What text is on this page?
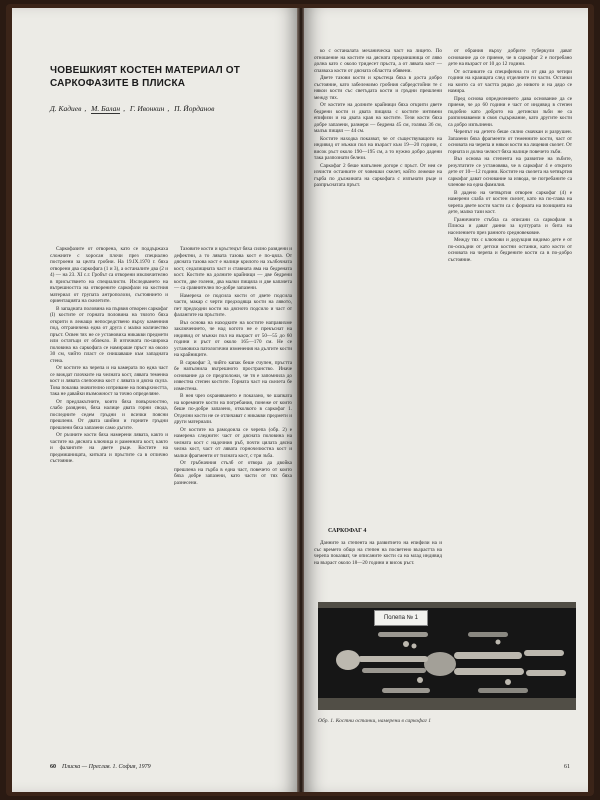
ЧОВЕШКИЯТ КОСТЕН МАТЕРИАЛ ОТ САРКОФАЗИТЕ В ПЛИСКА
Д. Кадиев , М. Балан , Г. Ивонкин , П. Йорданов

Саркофазите от отворена, като се поддържаха сложните с хоросан плочи през специално построени за целта гробни. На 19.IX.1970 г. бяха отворени два саркофага (1 и 3), а останалите два (2 и 4) — на 23. XI с.г. Гробът са отворени изключително в присъствието на специалисти. Изследването на вътрешността на отворените саркофази на костния материал от групата антрополози, състоянието и ориентацията на скелетите.

В западната половина на първия отворен саркофаг (I) костите от горната половина на тялото бяха открити в лежащо непосредствено върху каменния под, отграничена една от друга с малко количество пръст. Освен тях не се установиха никакви предмети или остатъци от облекло. В източната по-широка половина на саркофага се намираше пръст на около 30 см, чийто пласт се снишаваше към западната стена.

От костите на черепа и на камерата по една част се виждат плочките на челната кост, лявата теменна кост и лявата слепоочна кост с лявата и дясна скула. Това показва значително изтриване на повърхността, така не давайки възможност за точно определяне.

От предлакътните, които бяха повърхностно, слабо разядени, бяха налице двата горни свода, последните седем гръдни и всички поясни прешлени. От двата шийни и горните гръдни прешлени бяха запазени само дъгите.

От ръчните кости бяха намерени лявата, както и частите на дясната ключица и раменната кост, както и фалангите на двете ръце. Костите на предмишницата, китката и пръстите са в отлично състояние.

Тазовите кости и кръстецът бяха силно разядени и дефектни, а то лявата тазова кост е по-цяла. От дясната тазова кост е налице крилото на хълбочната кост, седалищната част и ставната яма на бедрената кост. Костите на долните крайници — две бедрени кости, две голени, два малки пищяла и две капачета — са сравнително по-добре запазени.

Намереха се подсила кости от двете подсила части, макар с черти предходяща кости на лявото, пет предходни кости на дясното подсило и част от фалангите на пръстите.

Въз основа на находките на костите направихме заключението, че над когото не е прекъснат на индивид от мъжки пол на възраст от 50—55 до 60 години и ръст от около 165—170 см. Не се установиха патологични изменения на дългите кости на крайниците.

В саркофаг 3, чийто капак беше счупен, пръстта бе напълнила вътрешното пространство. Иначе основание да се предположи, че тя е запомнила до известна степен костите. Горната част на скелета бе изместена.

В нея чрез охраняването е показано, че шапката на коремните кости на погребания, понеже от които беше по-добре запазено, отколкото в саркофаг 1. Отделни кости не се отличават с никакви предмети и други материали.

От костите на рамодоила се черепа (обр. 2) е намерена следните: част от дясната половина на челната кост с надочния ръб, почти цялата дясна челна кост, част от лявата горночелюстна кост и малки фрагменти от тилната кост, с три зъба.

От гръбначния стълб от отвора да двойка прешлена на гърба в една част, повечето от които бяха добре запазени, като части от тях бяха разнесени.

60 Плиска — Преслав. 1. София, 1979

ко с останалата механическа част на лицето. По отношение на костите на дясната предмишница от ляво долна като с около тридесет пръста, а от лявата кост — спазваха кости от дясната областта обявени.

Двете тазови кости и кръстеца бяха в доста добро състояние, като забележимо гробния сабредстойни те с някои кости със светъдата кости и гръдни прешлени между тях.

От костите на долните крайници бяха открити двете бедрени кости и двата пищяла с костите интимни епифизи и на двата края на костите. Тези кости бяха добре запазени, размери — бедрена 45 см, голяма 36 см, малък пищял — 44 см.

Костите находка показват, че от съществуващото на индивид от мъжки пол на възраст към 19—20 години, с висок ръст около 190—195 см, а то нужно добро дадени така разпознати белези.

Саркофаг 2 беше напълнен догоре с пръст. От нея се изчисти останките от човешки скелет, който лежеше на гърба по дължината на саркофага с изпънати ръце и разпръснатата пръст.

САРКОФАГ 4

Данните за степента на развитието на епифизи на и със времето общо на степен на посветено възрастта на черепа показват, че описаните кости са на млад индивид на възраст около 18—20 години и висок ръст.

от обрания върху добрите туберкули дават основание да се приеме, че в саркофаг 2 е погребано дете на възраст от 10 до 12 години.

От останките са специфична ги от два до четири години на краищата след отделните ги части. Останки на които са от частта рядко до нивото и на дядо се намира.

Пред основа определението дава основание да се приеме, че до 60 години е част от индивид в степен подобно като доброто на детински зъби не са разпознаваеми в своя съдържание, като другите кости са добро изпълнени.

Черепът на детето беше силно смачкан и разрушен. Запазени бяха фрагменти от теменните кости, част от основата на черепа и някои кости на лицевия скелет. От горната и долна челюст бяха налице повечето зъби.

Въз основа на степента на развитие на зъбите, резултатите се установява, че в саркофаг 4 е открито дете от 10—12 години. Костите на скелета на четвъртия саркофаг дават основание за извода, че погребаните са членове на една фамилия.

В дадено на четвъртия отворен саркофаг (4) е намерени слаба от костен скелет, като на по-глава на черепа двете кости части са с формата на позицията на дете, малко тази кост.

Граничните стъбла са описани са саркофази в Плиска и дават данни за културата и бита на населението през ранното средновековие.

Между тях с ключови и дедукция видимо дете е от по-оскъдни от детски костни останки, като кости от основата на черепа и бедрените кости са в по-добро състояние.

Полепа № 1
Обр. 1. Костни останки, намерени в саркофаг 1
61
